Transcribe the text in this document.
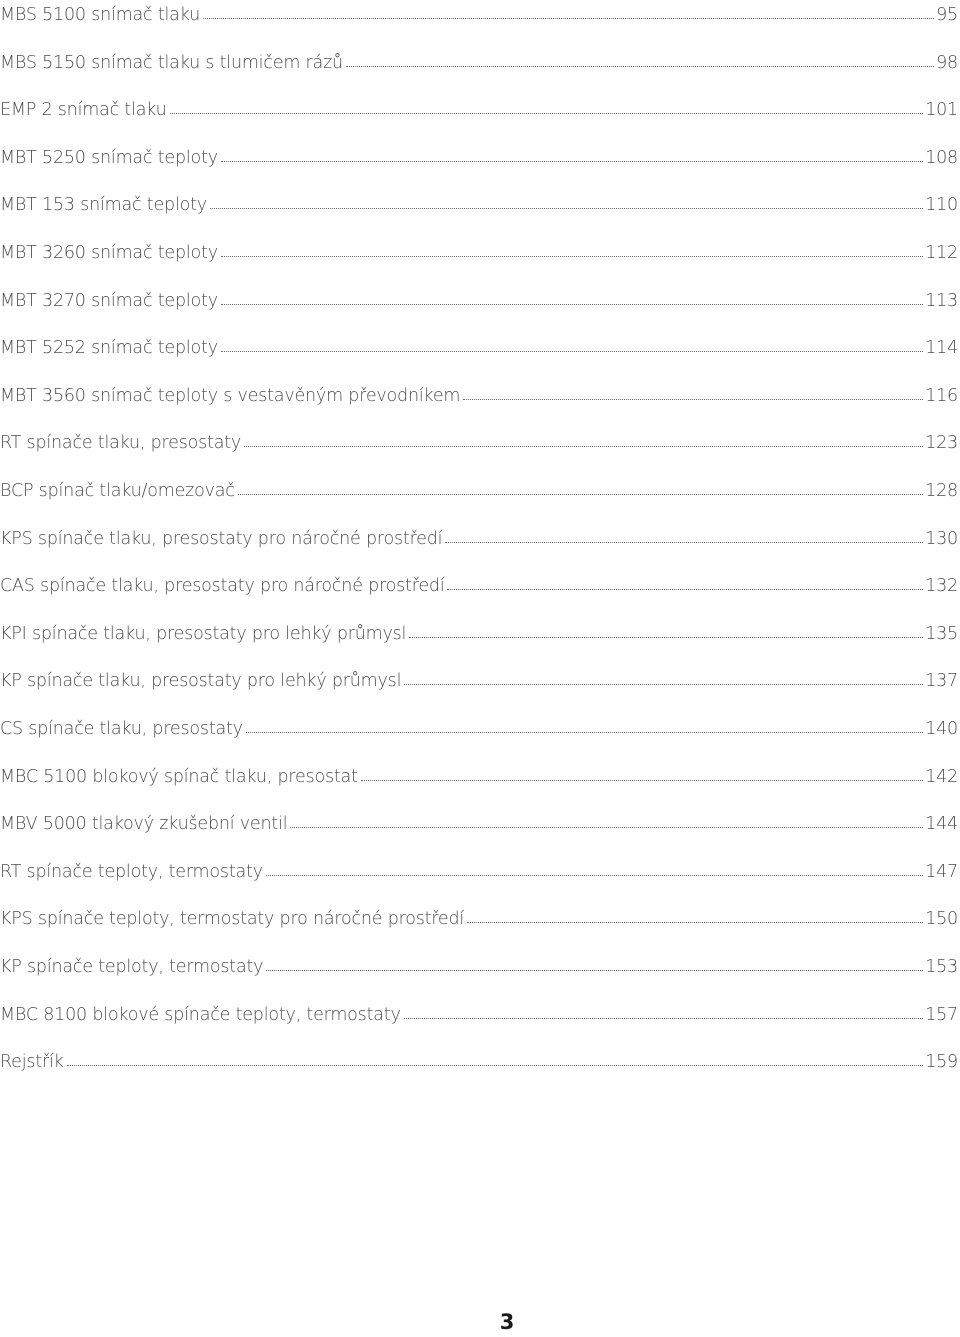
MBS 5100 snímač tlaku	95
MBS 5150 snímač tlaku s tlumičem rázů	98
EMP 2 snímač tlaku	101
MBT 5250 snímač teploty	108
MBT 153 snímač teploty	110
MBT 3260 snímač teploty	112
MBT 3270 snímač teploty	113
MBT 5252 snímač teploty	114
MBT 3560 snímač teploty s vestavěným převodníkem	116
RT spínače tlaku, presostaty	123
BCP spínač tlaku/omezovač	128
KPS spínače tlaku, presostaty pro náročné prostředí	130
CAS spínače tlaku, presostaty pro náročné prostředí	132
KPI spínače tlaku, presostaty pro lehký průmysl	135
KP spínače tlaku, presostaty pro lehký průmysl	137
CS spínače tlaku, presostaty	140
MBC 5100 blokový spínač tlaku, presostat	142
MBV 5000 tlakový zkušební ventil	144
RT spínače teploty, termostaty	147
KPS spínače teploty, termostaty pro náročné prostředí	150
KP spínače teploty, termostaty	153
MBC 8100 blokové spínače teploty, termostaty	157
Rejstřík	159
3
